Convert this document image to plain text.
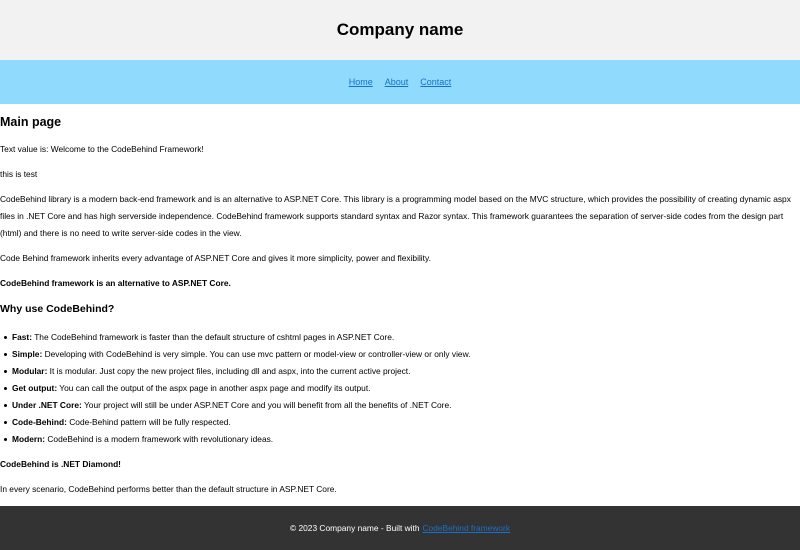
Company name
Home About Contact
Main page

Text value is: Welcome to the CodeBehind Framework!

this is test

CodeBehind library is a modern back-end framework and is an alternative to ASP.NET Core. This library is a programming model based on the MVC structure, which provides the possibility of creating dynamic aspx

files in .NET Core and has high serverside independence. CodeBehind framework supports standard syntax and Razor syntax. This framework guarantees the separation of server-side codes from the design part

(html) and there is no need to write server-side codes in the view.

Code Behind framework inherits every advantage of ASP.NET Core and gives it more simplicity, power and flexibility.

CodeBehind framework is an alternative to ASP.NET Core.

Why use CodeBehind?
Fast: The CodeBehind framework is faster than the default structure of cshtml pages in ASP.NET Core.
Simple: Developing with CodeBehind is very simple. You can use mvc pattern or model-view or controller-view or only view.
Modular: It is modular. Just copy the new project files, including dll and aspx, into the current active project.
Get output: You can call the output of the aspx page in another aspx page and modify its output.
Under .NET Core: Your project will still be under ASP.NET Core and you will benefit from all the benefits of .NET Core.
Code-Behind: Code-Behind pattern will be fully respected.
Modern: CodeBehind is a modern framework with revolutionary ideas.

CodeBehind is .NET Diamond!

In every scenario, CodeBehind performs better than the default structure in ASP.NET Core.

© 2023 Company name - Built with CodeBehind framework
